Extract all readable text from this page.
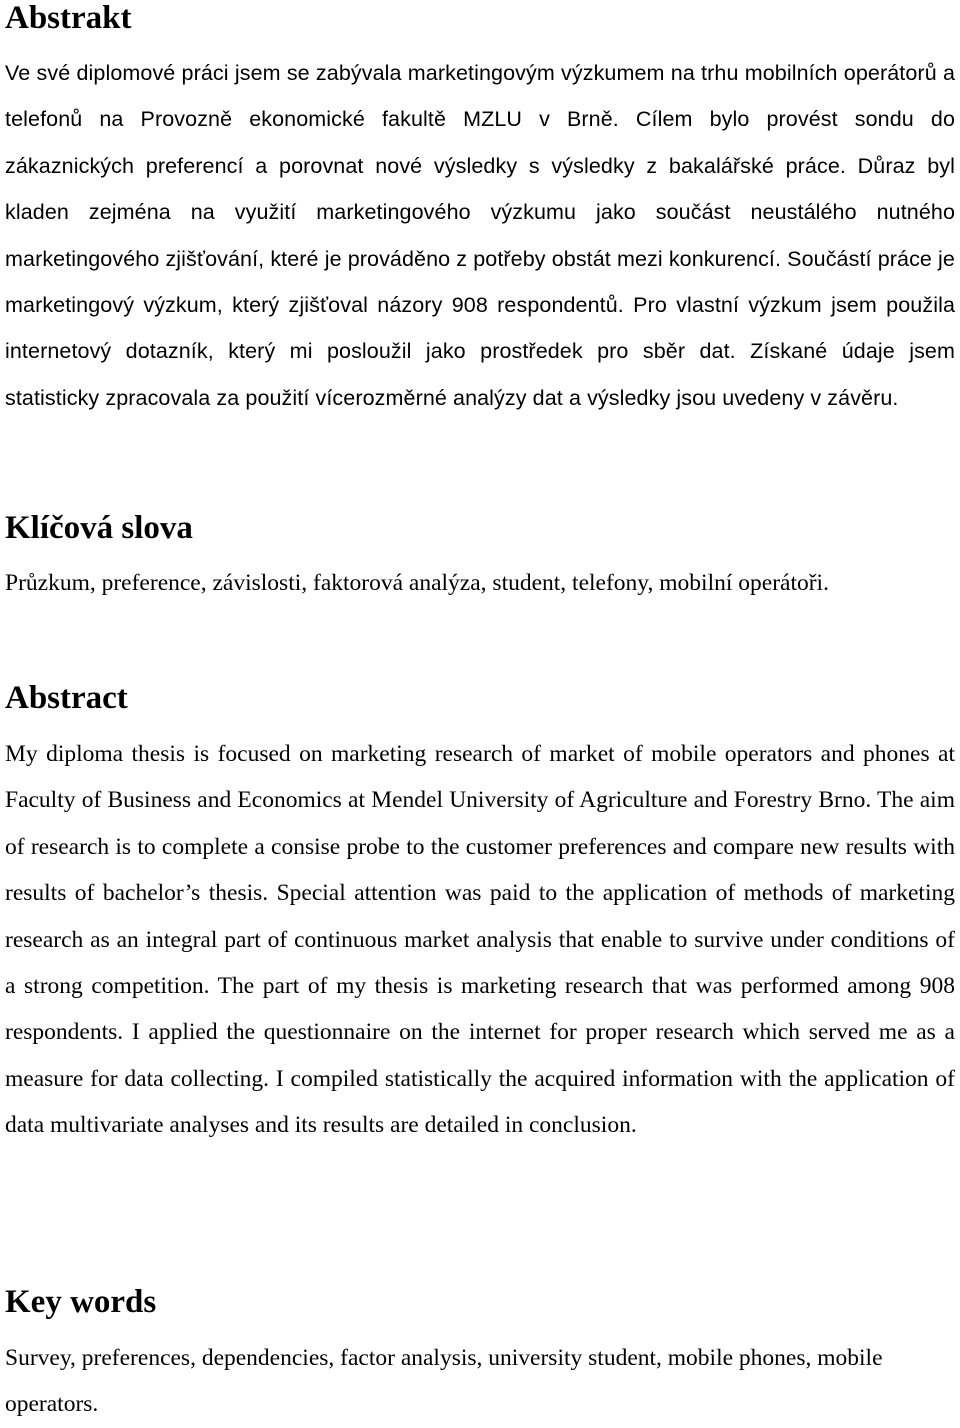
Abstrakt

Ve své diplomové práci jsem se zabývala marketingovým výzkumem na trhu mobilních operátorů a telefonů na Provozně ekonomické fakultě MZLU v Brně. Cílem bylo provést sondu do zákaznických preferencí a porovnat nové výsledky s výsledky z bakalářské práce. Důraz byl kladen zejména na využití marketingového výzkumu jako součást neustálého nutného marketingového zjišťování, které je prováděno z potřeby obstát mezi konkurencí. Součástí práce je marketingový výzkum, který zjišťoval názory 908 respondentů. Pro vlastní výzkum jsem použila internetový dotazník, který mi posloužil jako prostředek pro sběr dat. Získané údaje jsem statisticky zpracovala za použití vícerozměrné analýzy dat a výsledky jsou uvedeny v závěru.

Klíčová slova

Průzkum, preference, závislosti, faktorová analýza, student, telefony, mobilní operátoři.

Abstract

My diploma thesis is focused on marketing research of market of mobile operators and phones at Faculty of Business and Economics at Mendel University of Agriculture and Forestry Brno. The aim of research is to complete a consise probe to the customer preferences and compare new results with results of bachelor’s thesis. Special attention was paid to the application of methods of marketing research as an integral part of continuous market analysis that enable to survive under conditions of a strong competition. The part of my thesis is marketing research that was performed among 908 respondents. I applied the questionnaire on the internet for proper research which served me as a measure for data collecting. I compiled statistically the acquired information with the application of data multivariate analyses and its results are detailed in conclusion.

Key words

Survey, preferences, dependencies, factor analysis, university student, mobile phones, mobile operators.
